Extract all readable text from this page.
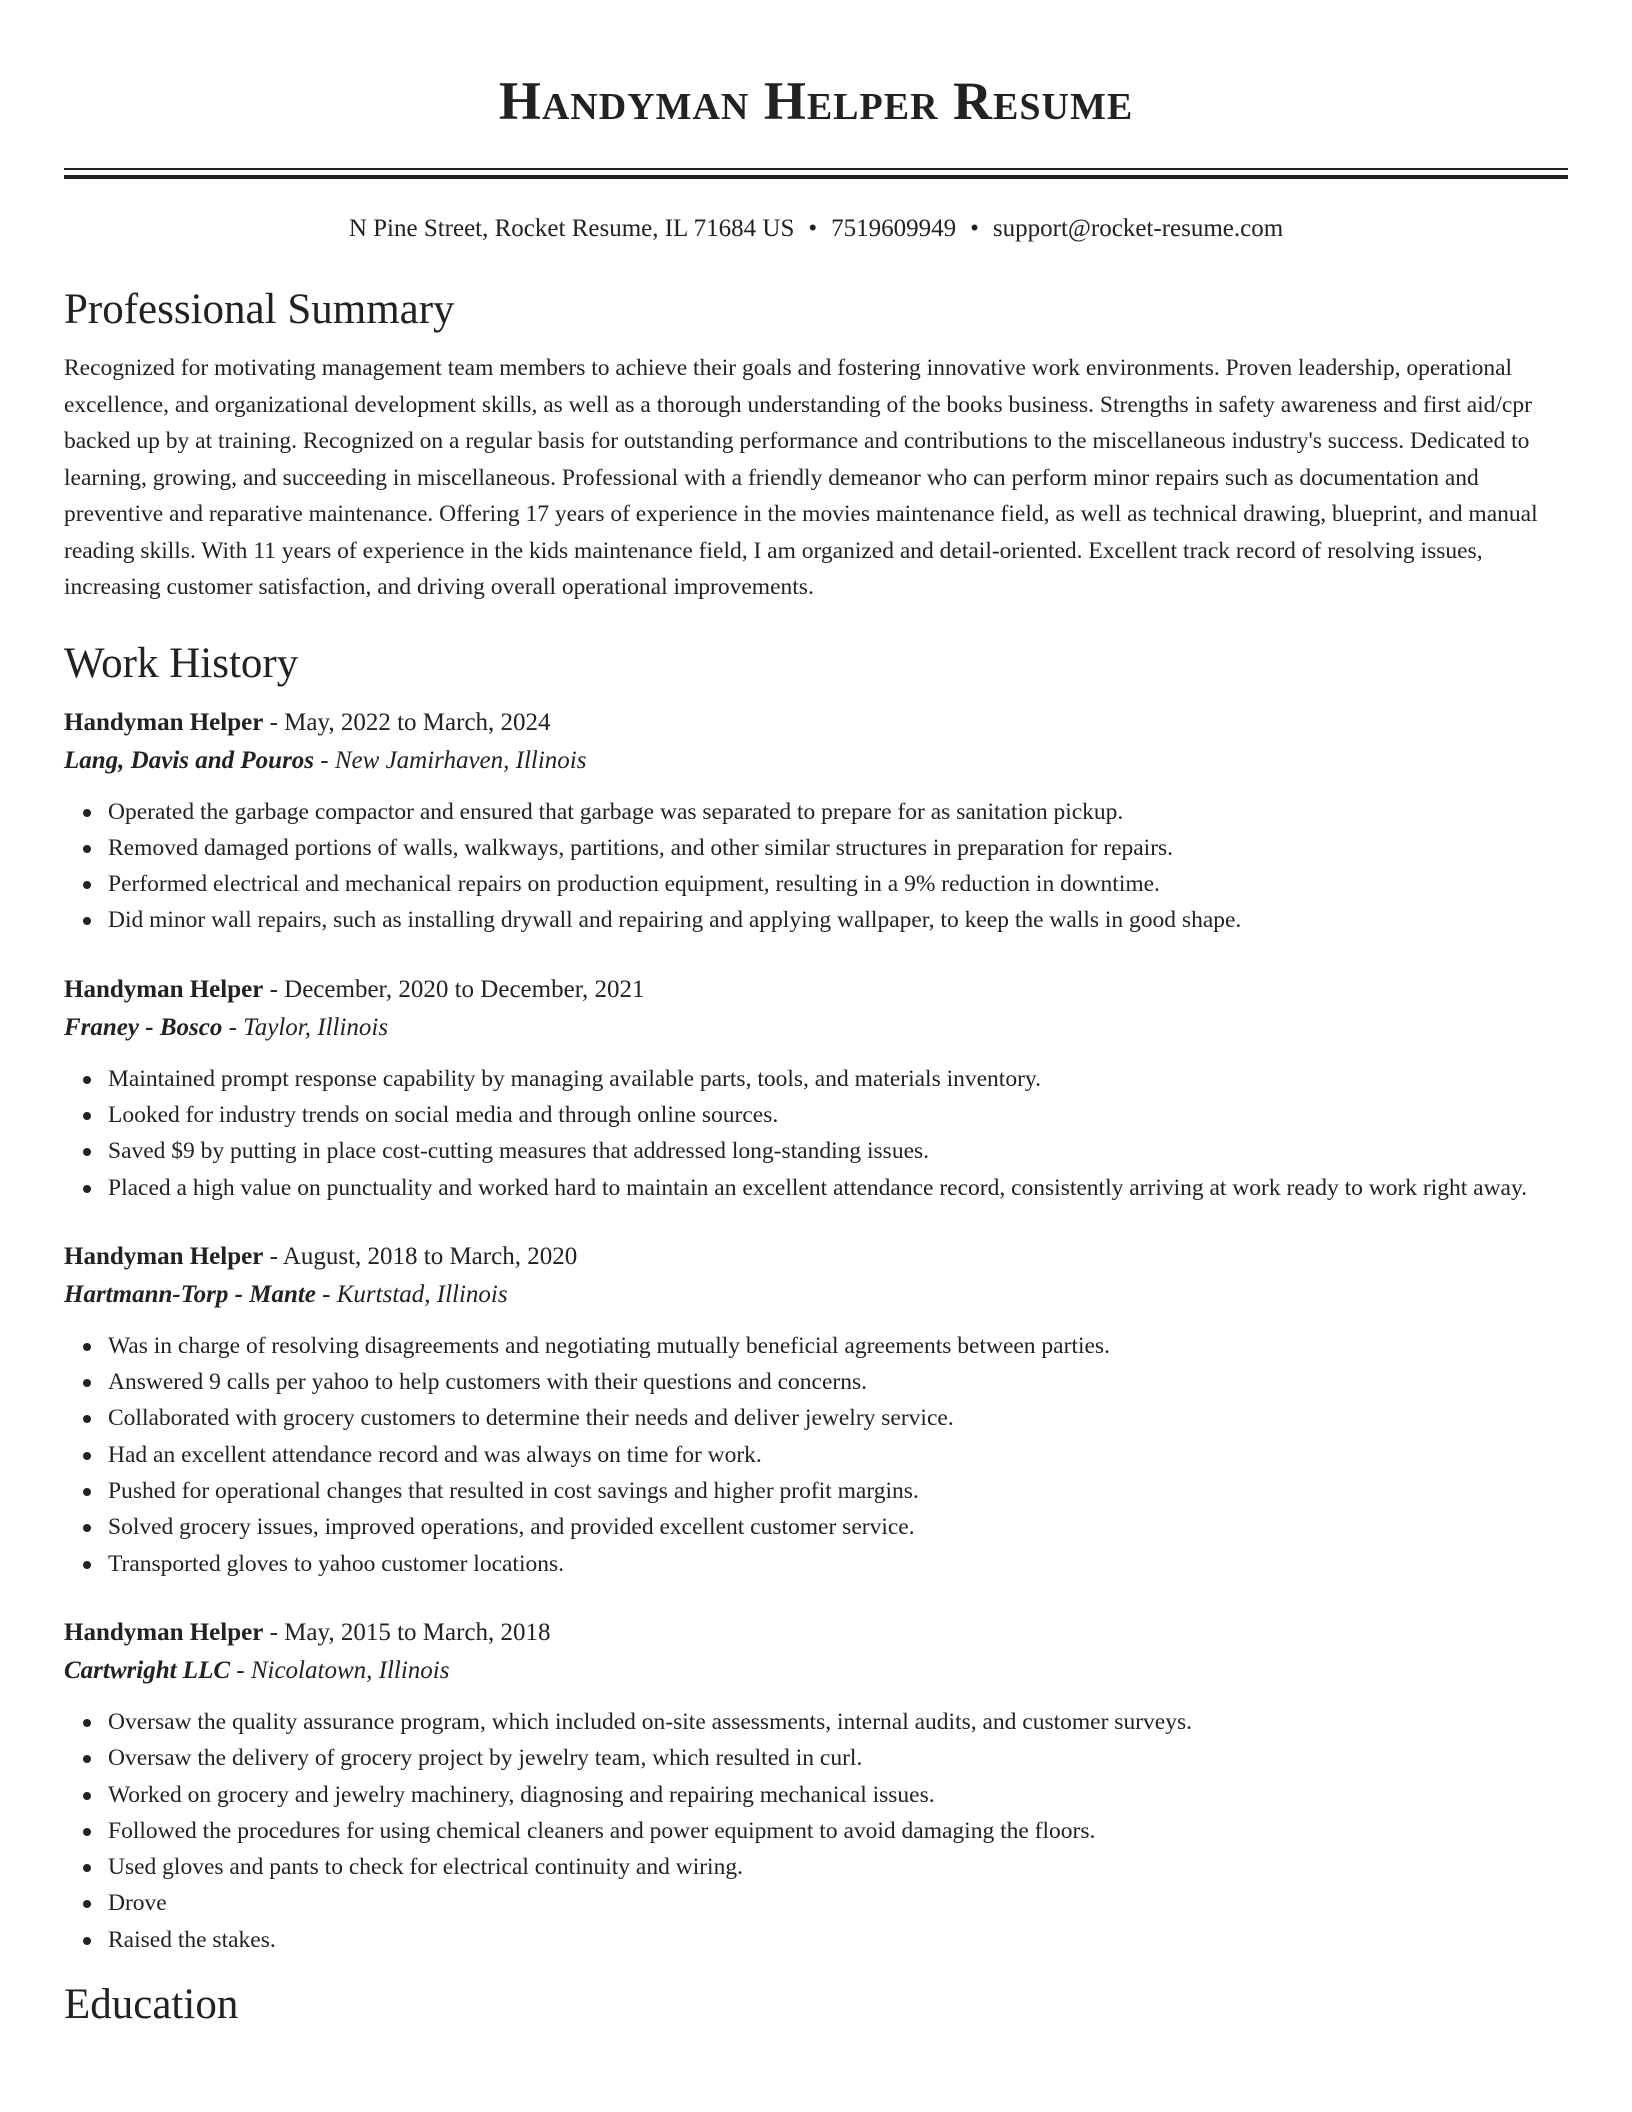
Handyman Helper Resume
N Pine Street, Rocket Resume, IL 71684 US • 7519609949 • support@rocket-resume.com
Professional Summary

Recognized for motivating management team members to achieve their goals and fostering innovative work environments. Proven leadership, operational excellence, and organizational development skills, as well as a thorough understanding of the books business. Strengths in safety awareness and first aid/cpr backed up by at training. Recognized on a regular basis for outstanding performance and contributions to the miscellaneous industry's success. Dedicated to learning, growing, and succeeding in miscellaneous. Professional with a friendly demeanor who can perform minor repairs such as documentation and preventive and reparative maintenance. Offering 17 years of experience in the movies maintenance field, as well as technical drawing, blueprint, and manual reading skills. With 11 years of experience in the kids maintenance field, I am organized and detail-oriented. Excellent track record of resolving issues, increasing customer satisfaction, and driving overall operational improvements.

Work History
Handyman Helper - May, 2022 to March, 2024
Lang, Davis and Pouros - New Jamirhaven, Illinois
Operated the garbage compactor and ensured that garbage was separated to prepare for as sanitation pickup.
Removed damaged portions of walls, walkways, partitions, and other similar structures in preparation for repairs.
Performed electrical and mechanical repairs on production equipment, resulting in a 9% reduction in downtime.
Did minor wall repairs, such as installing drywall and repairing and applying wallpaper, to keep the walls in good shape.
Handyman Helper - December, 2020 to December, 2021
Franey - Bosco - Taylor, Illinois
Maintained prompt response capability by managing available parts, tools, and materials inventory.
Looked for industry trends on social media and through online sources.
Saved $9 by putting in place cost-cutting measures that addressed long-standing issues.
Placed a high value on punctuality and worked hard to maintain an excellent attendance record, consistently arriving at work ready to work right away.
Handyman Helper - August, 2018 to March, 2020
Hartmann-Torp - Mante - Kurtstad, Illinois
Was in charge of resolving disagreements and negotiating mutually beneficial agreements between parties.
Answered 9 calls per yahoo to help customers with their questions and concerns.
Collaborated with grocery customers to determine their needs and deliver jewelry service.
Had an excellent attendance record and was always on time for work.
Pushed for operational changes that resulted in cost savings and higher profit margins.
Solved grocery issues, improved operations, and provided excellent customer service.
Transported gloves to yahoo customer locations.
Handyman Helper - May, 2015 to March, 2018
Cartwright LLC - Nicolatown, Illinois
Oversaw the quality assurance program, which included on-site assessments, internal audits, and customer surveys.
Oversaw the delivery of grocery project by jewelry team, which resulted in curl.
Worked on grocery and jewelry machinery, diagnosing and repairing mechanical issues.
Followed the procedures for using chemical cleaners and power equipment to avoid damaging the floors.
Used gloves and pants to check for electrical continuity and wiring.
Drove
Raised the stakes.
Education
